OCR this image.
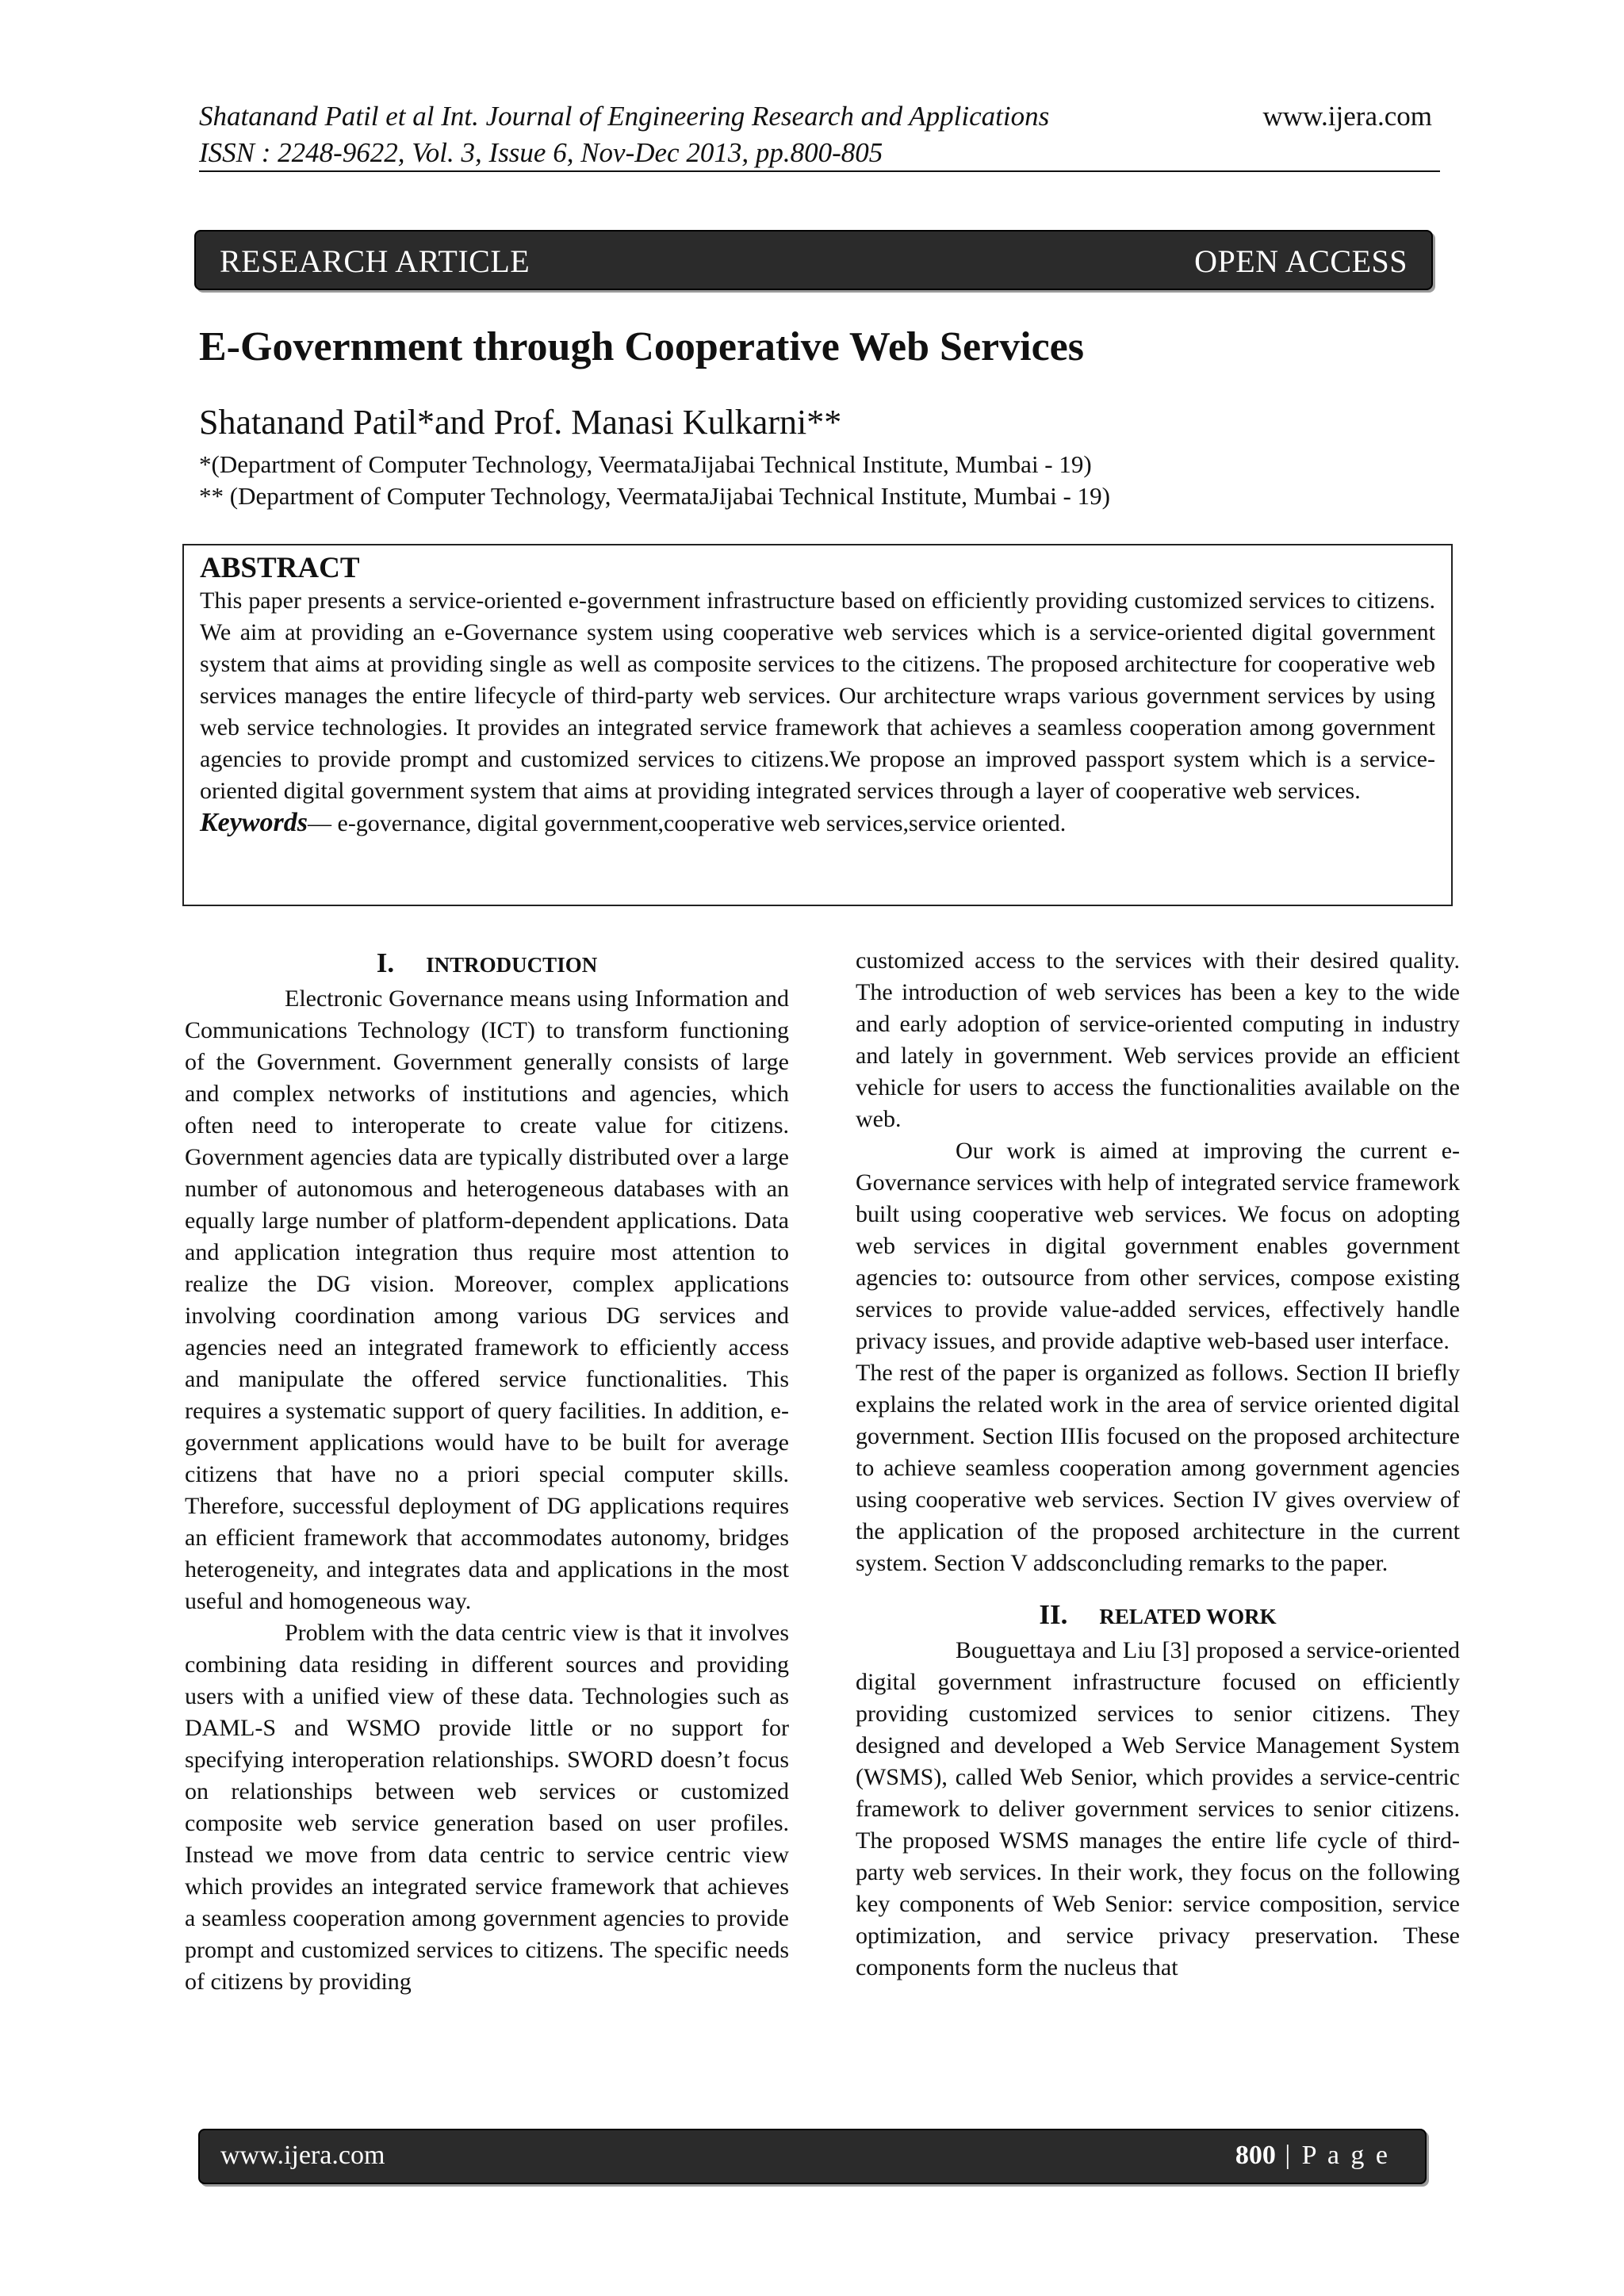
Shatanand Patil et al Int. Journal of Engineering Research and Applications	www.ijera.com
ISSN : 2248-9622, Vol. 3, Issue 6, Nov-Dec 2013, pp.800-805
RESEARCH ARTICLE	OPEN ACCESS
E-Government through Cooperative Web Services
Shatanand Patil*and Prof. Manasi Kulkarni**
*(Department of Computer Technology, VeermataJijabai Technical Institute, Mumbai - 19)
** (Department of Computer Technology, VeermataJijabai Technical Institute, Mumbai - 19)
ABSTRACT

This paper presents a service-oriented e-government infrastructure based on efficiently providing customized services to citizens. We aim at providing an e-Governance system using cooperative web services which is a service-oriented digital government system that aims at providing single as well as composite services to the citizens. The proposed architecture for cooperative web services manages the entire lifecycle of third-party web services. Our architecture wraps various government services by using web service technologies. It provides an integrated service framework that achieves a seamless cooperation among government agencies to provide prompt and customized services to citizens.We propose an improved passport system which is a service-oriented digital government system that aims at providing integrated services through a layer of cooperative web services.

Keywords— e-governance, digital government,cooperative web services,service oriented.

I. INTRODUCTION

Electronic Governance means using Information and Communications Technology (ICT) to transform functioning of the Government. Government generally consists of large and complex networks of institutions and agencies, which often need to interoperate to create value for citizens. Government agencies data are typically distributed over a large number of autonomous and heterogeneous databases with an equally large number of platform-dependent applications. Data and application integration thus require most attention to realize the DG vision. Moreover, complex applications involving coordination among various DG services and agencies need an integrated framework to efficiently access and manipulate the offered service functionalities. This requires a systematic support of query facilities. In addition, e-government applications would have to be built for average citizens that have no a priori special computer skills. Therefore, successful deployment of DG applications requires an efficient framework that accommodates autonomy, bridges heterogeneity, and integrates data and applications in the most useful and homogeneous way.

Problem with the data centric view is that it involves combining data residing in different sources and providing users with a unified view of these data. Technologies such as DAML-S and WSMO provide little or no support for specifying interoperation relationships. SWORD doesn’t focus on relationships between web services or customized composite web service generation based on user profiles. Instead we move from data centric to service centric view which provides an integrated service framework that achieves a seamless cooperation among government agencies to provide prompt and customized services to citizens. The specific needs of citizens by providing

customized access to the services with their desired quality. The introduction of web services has been a key to the wide and early adoption of service-oriented computing in industry and lately in government. Web services provide an efficient vehicle for users to access the functionalities available on the web.

Our work is aimed at improving the current e-Governance services with help of integrated service framework built using cooperative web services. We focus on adopting web services in digital government enables government agencies to: outsource from other services, compose existing services to provide value-added services, effectively handle privacy issues, and provide adaptive web-based user interface.

The rest of the paper is organized as follows. Section II briefly explains the related work in the area of service oriented digital government. Section IIIis focused on the proposed architecture to achieve seamless cooperation among government agencies using cooperative web services. Section IV gives overview of the application of the proposed architecture in the current system. Section V addsconcluding remarks to the paper.

II. RELATED WORK

Bouguettaya and Liu [3] proposed a service-oriented digital government infrastructure focused on efficiently providing customized services to senior citizens. They designed and developed a Web Service Management System (WSMS), called Web Senior, which provides a service-centric framework to deliver government services to senior citizens. The proposed WSMS manages the entire life cycle of third-party web services. In their work, they focus on the following key components of Web Senior: service composition, service optimization, and service privacy preservation. These components form the nucleus that

www.ijera.com	800 | P a g e
